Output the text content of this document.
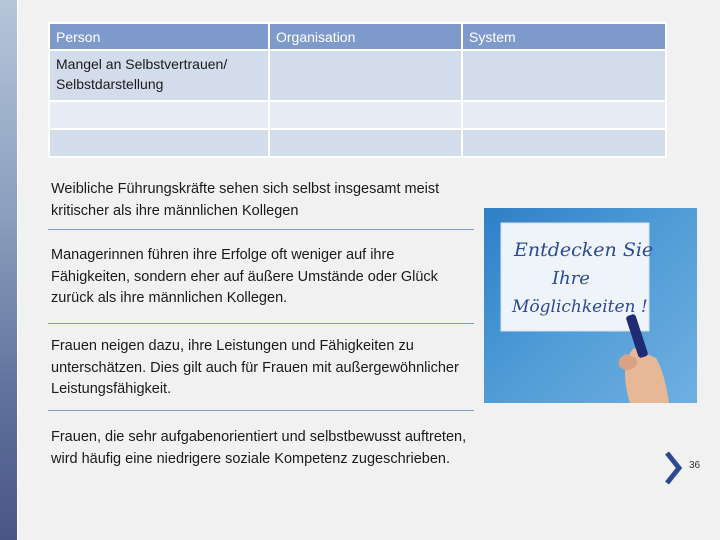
Person	Organisation	System
Mangel an Selbstvertrauen/ Selbstdarstellung		

Weibliche Führungskräfte sehen sich selbst insgesamt meist kritischer als ihre männlichen Kollegen

Managerinnen führen ihre Erfolge oft weniger auf ihre Fähigkeiten, sondern eher auf äußere Umstände oder Glück zurück als ihre männlichen Kollegen.

Frauen neigen dazu, ihre Leistungen und Fähigkeiten zu unterschätzen. Dies gilt auch für Frauen mit außergewöhnlicher Leistungsfähigkeit.

Frauen, die sehr aufgabenorientiert und selbstbewusst auftreten, wird häufig eine niedrigere soziale Kompetenz zugeschrieben.

Entdecken Sie
Ihre
Möglichkeiten !
36
